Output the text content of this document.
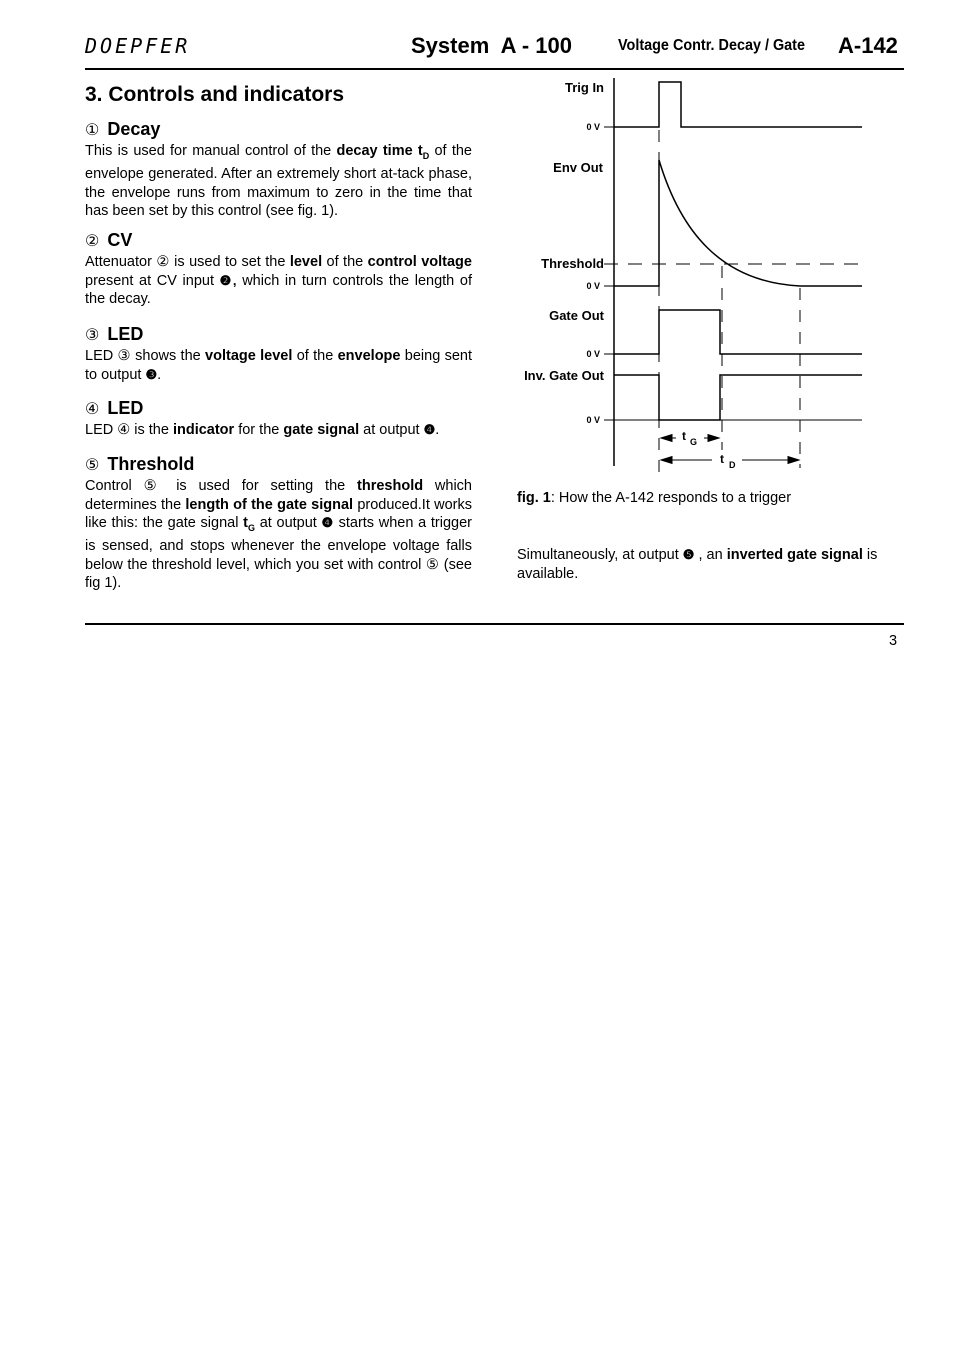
DOEPFER	System  A - 100	Voltage Contr. Decay / Gate A-142
3. Controls and indicators

① Decay

This is used for manual control of the decay time $t_D$ of the envelope generated. After an extremely short at-tack phase, the envelope runs from maximum to zero in the time that has been set by this control (see fig. 1).

② CV

Attenuator ② is used to set the level of the control voltage present at CV input ❷, which in turn controls the length of the decay.

③ LED

LED ③ shows the voltage level of the envelope being sent to output ❸.

④ LED

LED ④ is the indicator for the gate signal at output ❹.

⑤ Threshold

Control ⑤ is used for setting the threshold which determines the length of the gate signal produced.It works like this: the gate signal $t_G$ at output ❹ starts when a trigger is sensed, and stops whenever the envelope voltage falls below the threshold level, which you set with control ⑤ (see fig 1).

Trig In
Env Out
Threshold
Gate Out
Inv. Gate Out
0 V
0 V
0 V
0 V
t G
t D
fig. 1: How the A-142 responds to a trigger
Simultaneously, at output ❺ , an inverted gate signal is available.
3
